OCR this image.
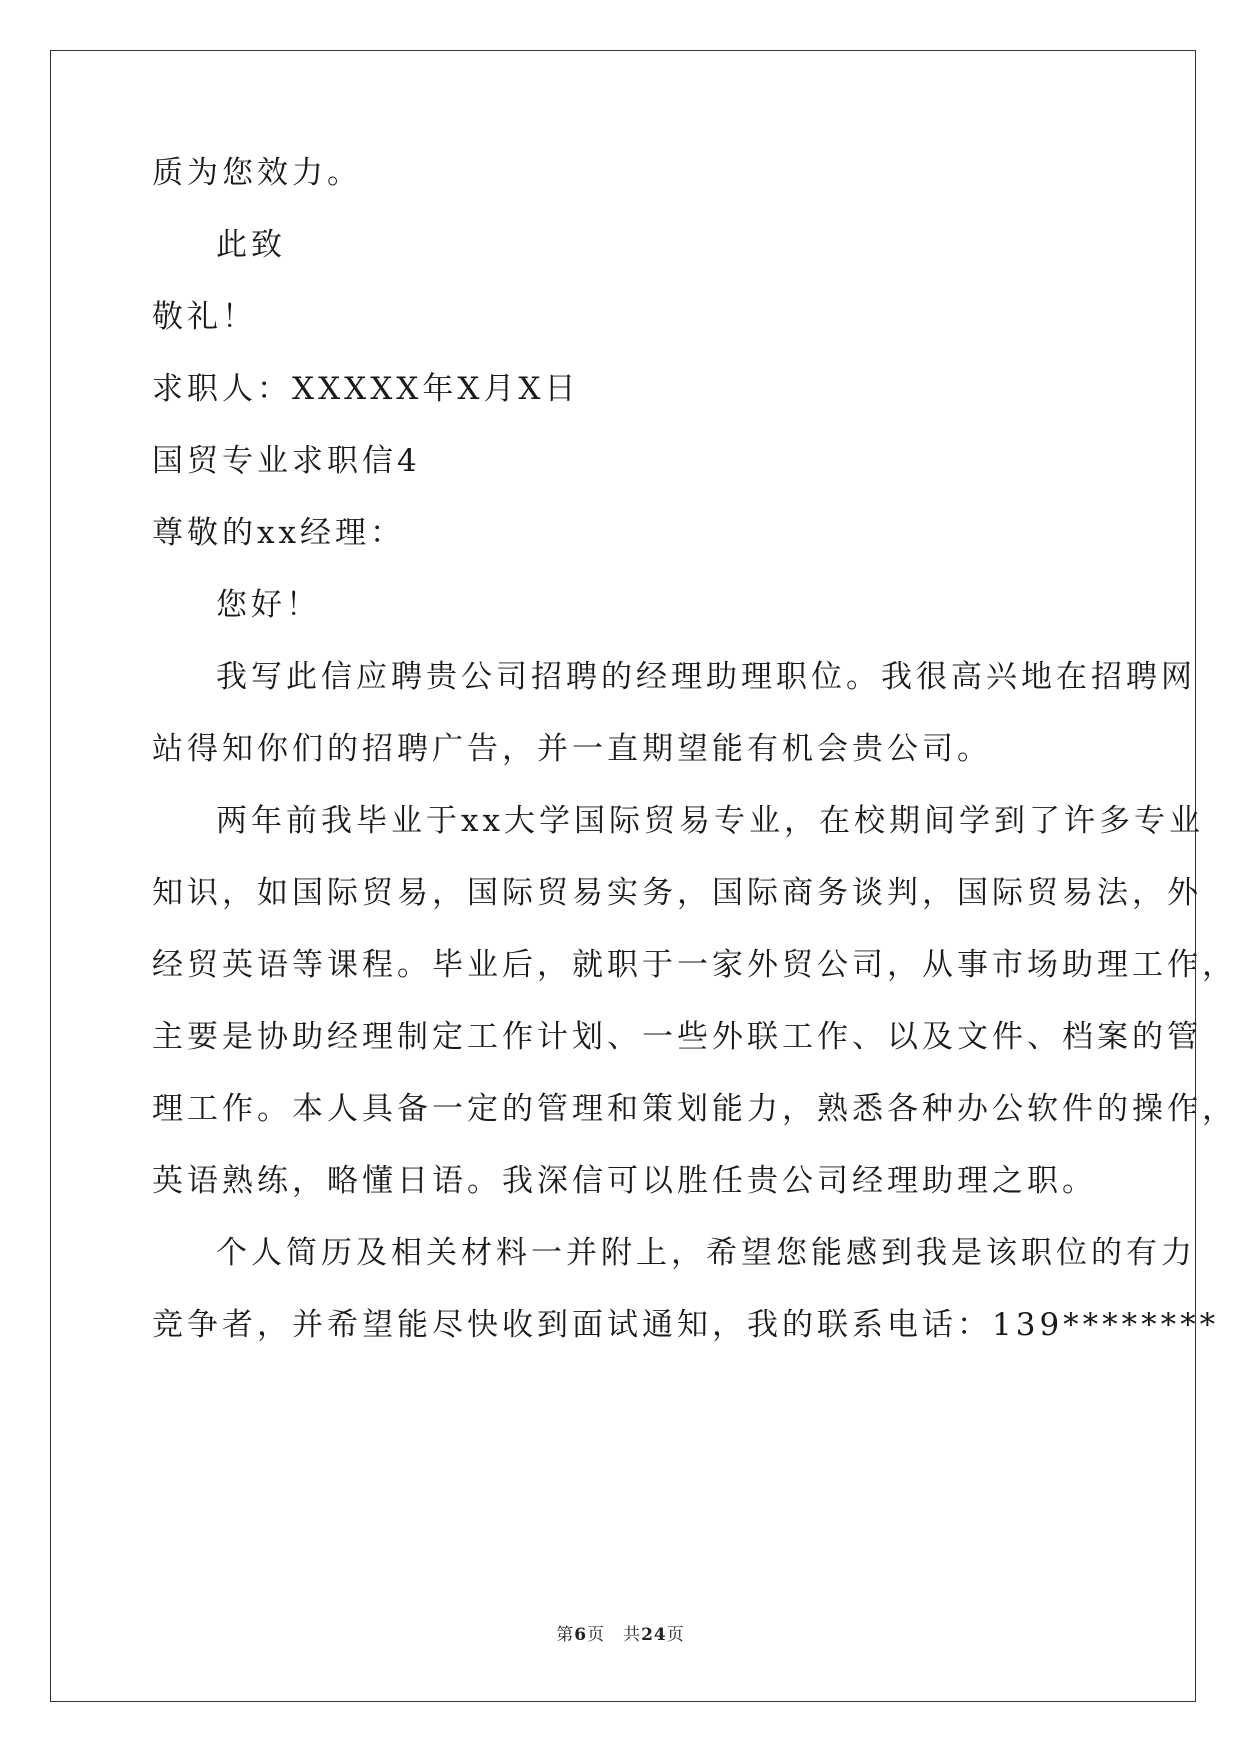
质为您效力。
此致
敬礼！
求职人：XXXXX年X月X日
国贸专业求职信4
尊敬的xx经理：
您好！
我写此信应聘贵公司招聘的经理助理职位。我很高兴地在招聘网
站得知你们的招聘广告，并一直期望能有机会贵公司。
两年前我毕业于xx大学国际贸易专业，在校期间学到了许多专业
知识，如国际贸易，国际贸易实务，国际商务谈判，国际贸易法，外
经贸英语等课程。毕业后，就职于一家外贸公司，从事市场助理工作，
主要是协助经理制定工作计划、一些外联工作、以及文件、档案的管
理工作。本人具备一定的管理和策划能力，熟悉各种办公软件的操作，
英语熟练，略懂日语。我深信可以胜任贵公司经理助理之职。
个人简历及相关材料一并附上，希望您能感到我是该职位的有力
竞争者，并希望能尽快收到面试通知，我的联系电话：139********
第6页 共24页
